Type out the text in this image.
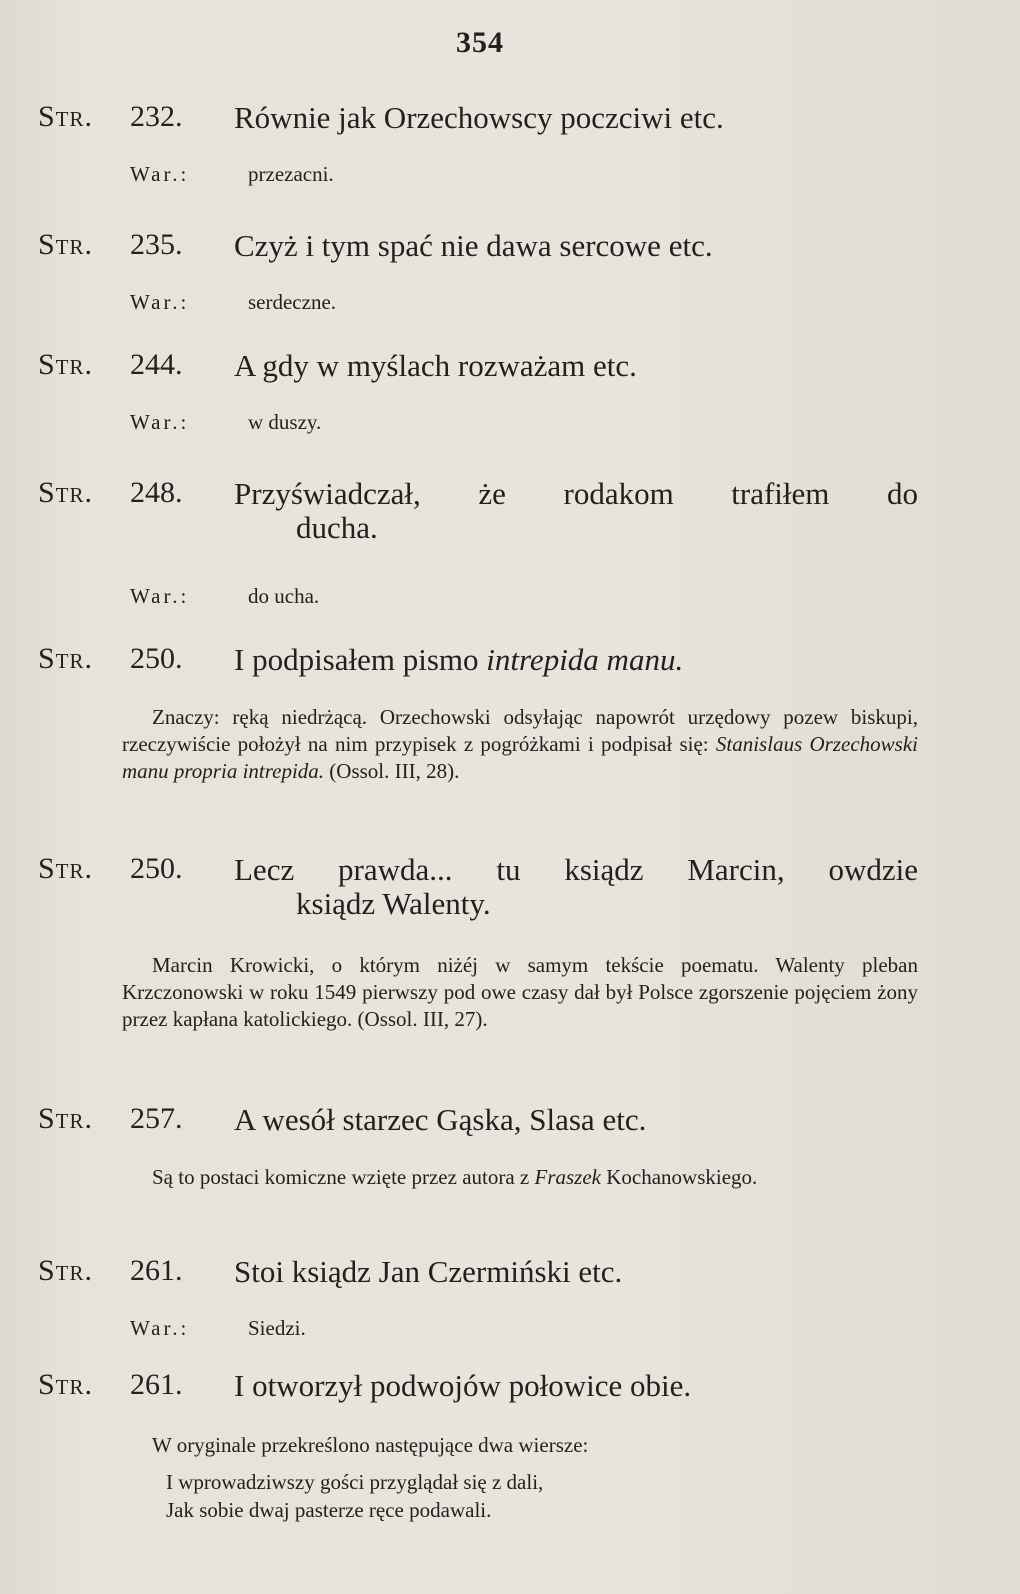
354
Str. 232. Równie jak Orzechowscy poczciwi etc.
War.:	przezacni.
Str. 235. Czyż i tym spać nie dawa sercowe etc.
War.:	serdeczne.
Str. 244. A gdy w myślach rozważam etc.
War.:	w duszy.
Str. 248. Przyświadczał, że rodakom trafiłem do
ducha.
War.:	do ucha.
Str. 250. I podpisałem pismo intrepida manu.

Znaczy: ręką niedrżącą. Orzechowski odsyłając napowrót urzędowy pozew biskupi, rzeczywiście położył na nim przypisek z pogróżkami i podpisał się: Stanislaus Orzechowski manu propria intrepida. (Ossol. III, 28).

Str. 250. Lecz prawda... tu ksiądz Marcin, owdzie
ksiądz Walenty.

Marcin Krowicki, o którym niżéj w samym tekście poematu. Walenty pleban Krzczonowski w roku 1549 pierwszy pod owe czasy dał był Polsce zgorszenie pojęciem żony przez kapłana katolickiego. (Ossol. III, 27).

Str. 257. A wesół starzec Gąska, Slasa etc.

Są to postaci komiczne wzięte przez autora z Fraszek Kochanowskiego.

Str. 261. Stoi ksiądz Jan Czermiński etc.
War.:	Siedzi.
Str. 261. I otworzył podwojów połowice obie.

W oryginale przekreślono następujące dwa wiersze:

I wprowadziwszy gości przyglądał się z dali,
Jak sobie dwaj pasterze ręce podawali.
